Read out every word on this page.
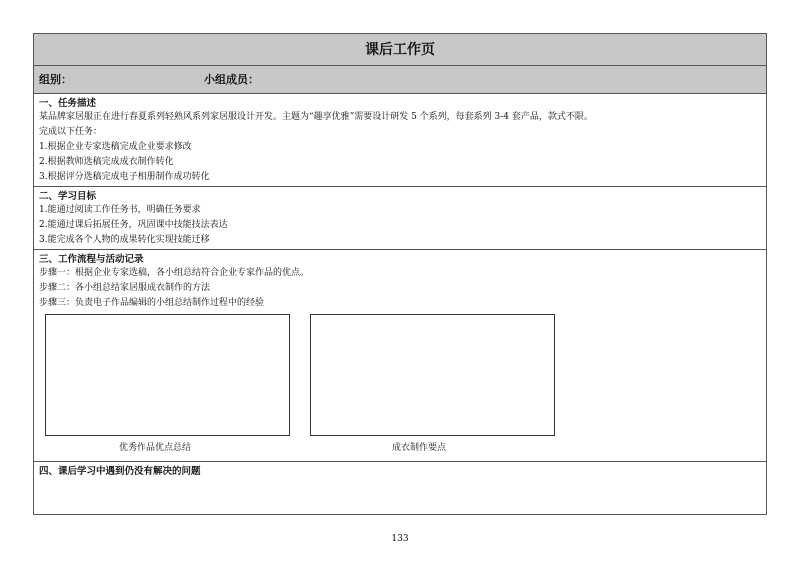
课后工作页
组别：	小组成员：
一、任务描述
某品牌家居服正在进行春夏系列轻熟风系列家居服设计开发。主题为“趣享优雅”需要设计研发 5 个系列，每套系列 3-4 套产品，款式不限。
完成以下任务：
1.根据企业专家选稿完成企业要求修改
2.根据教师选稿完成成衣制作转化
3.根据评分选稿完成电子相册制作成功转化
二、学习目标
1.能通过阅读工作任务书，明确任务要求
2.能通过课后拓展任务，巩固课中技能技法表达
3.能完成各个人物的成果转化实现技能迁移
三、工作流程与活动记录
步骤一：根据企业专家选稿，各小组总结符合企业专家作品的优点。
步骤二：各小组总结家居服成衣制作的方法
步骤三：负责电子作品编辑的小组总结制作过程中的经验
优秀作品优点总结	成衣制作要点
四、课后学习中遇到仍没有解决的问题
133
